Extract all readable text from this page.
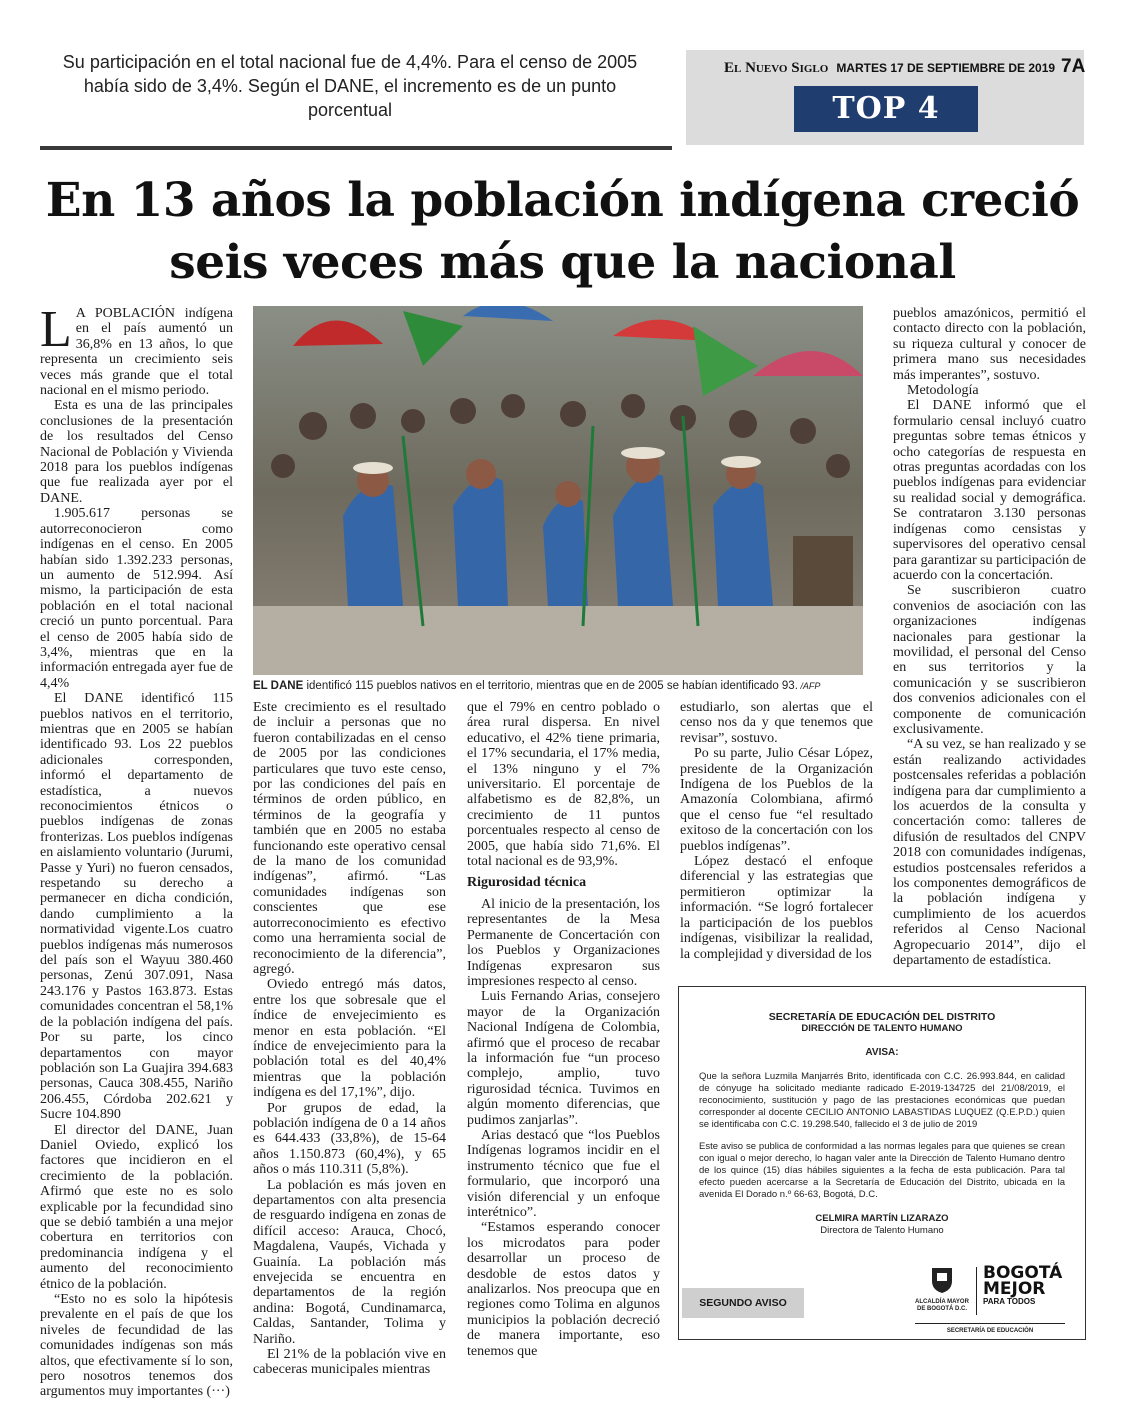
Su participación en el total nacional fue de 4,4%. Para el censo de 2005 había sido de 3,4%. Según el DANE, el incremento es de un punto porcentual
El Nuevo Siglo MARTES 17 DE SEPTIEMBRE DE 2019 7A
TOP 4
En 13 años la población indígena creció
seis veces más que la nacional

L A POBLACIÓN indígena en el país aumentó un 36,8% en 13 años, lo que representa un crecimiento seis veces más grande que el total nacional en el mismo periodo.

Esta es una de las principales conclusiones de la presentación de los resultados del Censo Nacional de Población y Vivienda 2018 para los pueblos indígenas que fue realizada ayer por el DANE.

1.905.617 personas se autorreconocieron como indígenas en el censo. En 2005 habían sido 1.392.233 personas, un aumento de 512.994. Así mismo, la participación de esta población en el total nacional creció un punto porcentual. Para el censo de 2005 había sido de 3,4%, mientras que en la información entregada ayer fue de 4,4%

El DANE identificó 115 pueblos nativos en el territorio, mientras que en 2005 se habían identificado 93. Los 22 pueblos adicionales corresponden, informó el departamento de estadística, a nuevos reconocimientos étnicos o pueblos indígenas de zonas fronterizas. Los pueblos indígenas en aislamiento voluntario (Jurumi, Passe y Yuri) no fueron censados, respetando su derecho a permanecer en dicha condición, dando cumplimiento a la normatividad vigente.Los cuatro pueblos indígenas más numerosos del país son el Wayuu 380.460 personas, Zenú 307.091, Nasa 243.176 y Pastos 163.873. Estas comunidades concentran el 58,1% de la población indígena del país. Por su parte, los cinco departamentos con mayor población son La Guajira 394.683 personas, Cauca 308.455, Nariño 206.455, Córdoba 202.621 y Sucre 104.890

El director del DANE, Juan Daniel Oviedo, explicó los factores que incidieron en el crecimiento de la población. Afirmó que este no es solo explicable por la fecundidad sino que se debió también a una mejor cobertura en territorios con predominancia indígena y el aumento del reconocimiento étnico de la población.

“Esto no es solo la hipótesis prevalente en el país de que los niveles de fecundidad de las comunidades indígenas son más altos, que efectivamente sí lo son, pero nosotros tenemos dos argumentos muy importantes (···)

EL DANE identificó 115 pueblos nativos en el territorio, mientras que en de 2005 se habían identificado 93. /AFP

Este crecimiento es el resultado de incluir a personas que no fueron contabilizadas en el censo de 2005 por las condiciones particulares que tuvo este censo, por las condiciones del país en términos de orden público, en términos de la geografía y también que en 2005 no estaba funcionando este operativo censal de la mano de los comunidad indígenas”, afirmó. “Las comunidades indígenas son conscientes que ese autorreconocimiento es efectivo como una herramienta social de reconocimiento de la diferencia”, agregó.

Oviedo entregó más datos, entre los que sobresale que el índice de envejecimiento es menor en esta población. “El índice de envejecimiento para la población total es del 40,4% mientras que la población indígena es del 17,1%”, dijo.

Por grupos de edad, la población indígena de 0 a 14 años es 644.433 (33,8%), de 15-64 años 1.150.873 (60,4%), y 65 años o más 110.311 (5,8%).

La población es más joven en departamentos con alta presencia de resguardo indígena en zonas de difícil acceso: Arauca, Chocó, Magdalena, Vaupés, Vichada y Guainía. La población más envejecida se encuentra en departamentos de la región andina: Bogotá, Cundinamarca, Caldas, Santander, Tolima y Nariño.

El 21% de la población vive en cabeceras municipales mientras

que el 79% en centro poblado o área rural dispersa. En nivel educativo, el 42% tiene primaria, el 17% secundaria, el 17% media, el 13% ninguno y el 7% universitario. El porcentaje de alfabetismo es de 82,8%, un crecimiento de 11 puntos porcentuales respecto al censo de 2005, que había sido 71,6%. El total nacional es de 93,9%.

Rigurosidad técnica

Al inicio de la presentación, los representantes de la Mesa Permanente de Concertación con los Pueblos y Organizaciones Indígenas expresaron sus impresiones respecto al censo.

Luis Fernando Arias, consejero mayor de la Organización Nacional Indígena de Colombia, afirmó que el proceso de recabar la información fue “un proceso complejo, amplio, tuvo rigurosidad técnica. Tuvimos en algún momento diferencias, que pudimos zanjarlas”.

Arias destacó que “los Pueblos Indígenas logramos incidir en el instrumento técnico que fue el formulario, que incorporó una visión diferencial y un enfoque interétnico”.

“Estamos esperando conocer los microdatos para poder desarrollar un proceso de desdoble de estos datos y analizarlos. Nos preocupa que en regiones como Tolima en algunos municipios la población decreció de manera importante, eso tenemos que

estudiarlo, son alertas que el censo nos da y que tenemos que revisar”, sostuvo.

Po su parte, Julio César López, presidente de la Organización Indígena de los Pueblos de la Amazonía Colombiana, afirmó que el censo fue “el resultado exitoso de la concertación con los pueblos indígenas”.

López destacó el enfoque diferencial y las estrategias que permitieron optimizar la información. “Se logró fortalecer la participación de los pueblos indígenas, visibilizar la realidad, la complejidad y diversidad de los

pueblos amazónicos, permitió el contacto directo con la población, su riqueza cultural y conocer de primera mano sus necesidades más imperantes”, sostuvo.

Metodología

El DANE informó que el formulario censal incluyó cuatro preguntas sobre temas étnicos y ocho categorías de respuesta en otras preguntas acordadas con los pueblos indígenas para evidenciar su realidad social y demográfica. Se contrataron 3.130 personas indígenas como censistas y supervisores del operativo censal para garantizar su participación de acuerdo con la concertación.

Se suscribieron cuatro convenios de asociación con las organizaciones indígenas nacionales para gestionar la movilidad, el personal del Censo en sus territorios y la comunicación y se suscribieron dos convenios adicionales con el componente de comunicación exclusivamente.

“A su vez, se han realizado y se están realizando actividades postcensales referidas a población indígena para dar cumplimiento a los acuerdos de la consulta y concertación como: talleres de difusión de resultados del CNPV 2018 con comunidades indígenas, estudios postcensales referidos a los componentes demográficos de la población indígena y cumplimiento de los acuerdos referidos al Censo Nacional Agropecuario 2014”, dijo el departamento de estadística.

SECRETARÍA DE EDUCACIÓN DEL DISTRITO
DIRECCIÓN DE TALENTO HUMANO
AVISA:
Que la señora Luzmila Manjarrés Brito, identificada con C.C. 26.993.844, en calidad de cónyuge ha solicitado mediante radicado E-2019-134725 del 21/08/2019, el reconocimiento, sustitución y pago de las prestaciones económicas que puedan corresponder al docente CECILIO ANTONIO LABASTIDAS LUQUEZ (Q.E.P.D.) quien se identificaba con C.C. 19.298.540, fallecido el 3 de julio de 2019
Este aviso se publica de conformidad a las normas legales para que quienes se crean con igual o mejor derecho, lo hagan valer ante la Dirección de Talento Humano dentro de los quince (15) días hábiles siguientes a la fecha de esta publicación. Para tal efecto pueden acercarse a la Secretaría de Educación del Distrito, ubicada en la avenida El Dorado n.º 66-63, Bogotá, D.C.
CELMIRA MARTÍN LIZARAZO
Directora de Talento Humano
ALCALDÍA MAYOR
DE BOGOTÁ D.C.
BOGOTÁ
MEJOR
PARA TODOS
SECRETARÍA DE EDUCACIÓN
SEGUNDO AVISO
